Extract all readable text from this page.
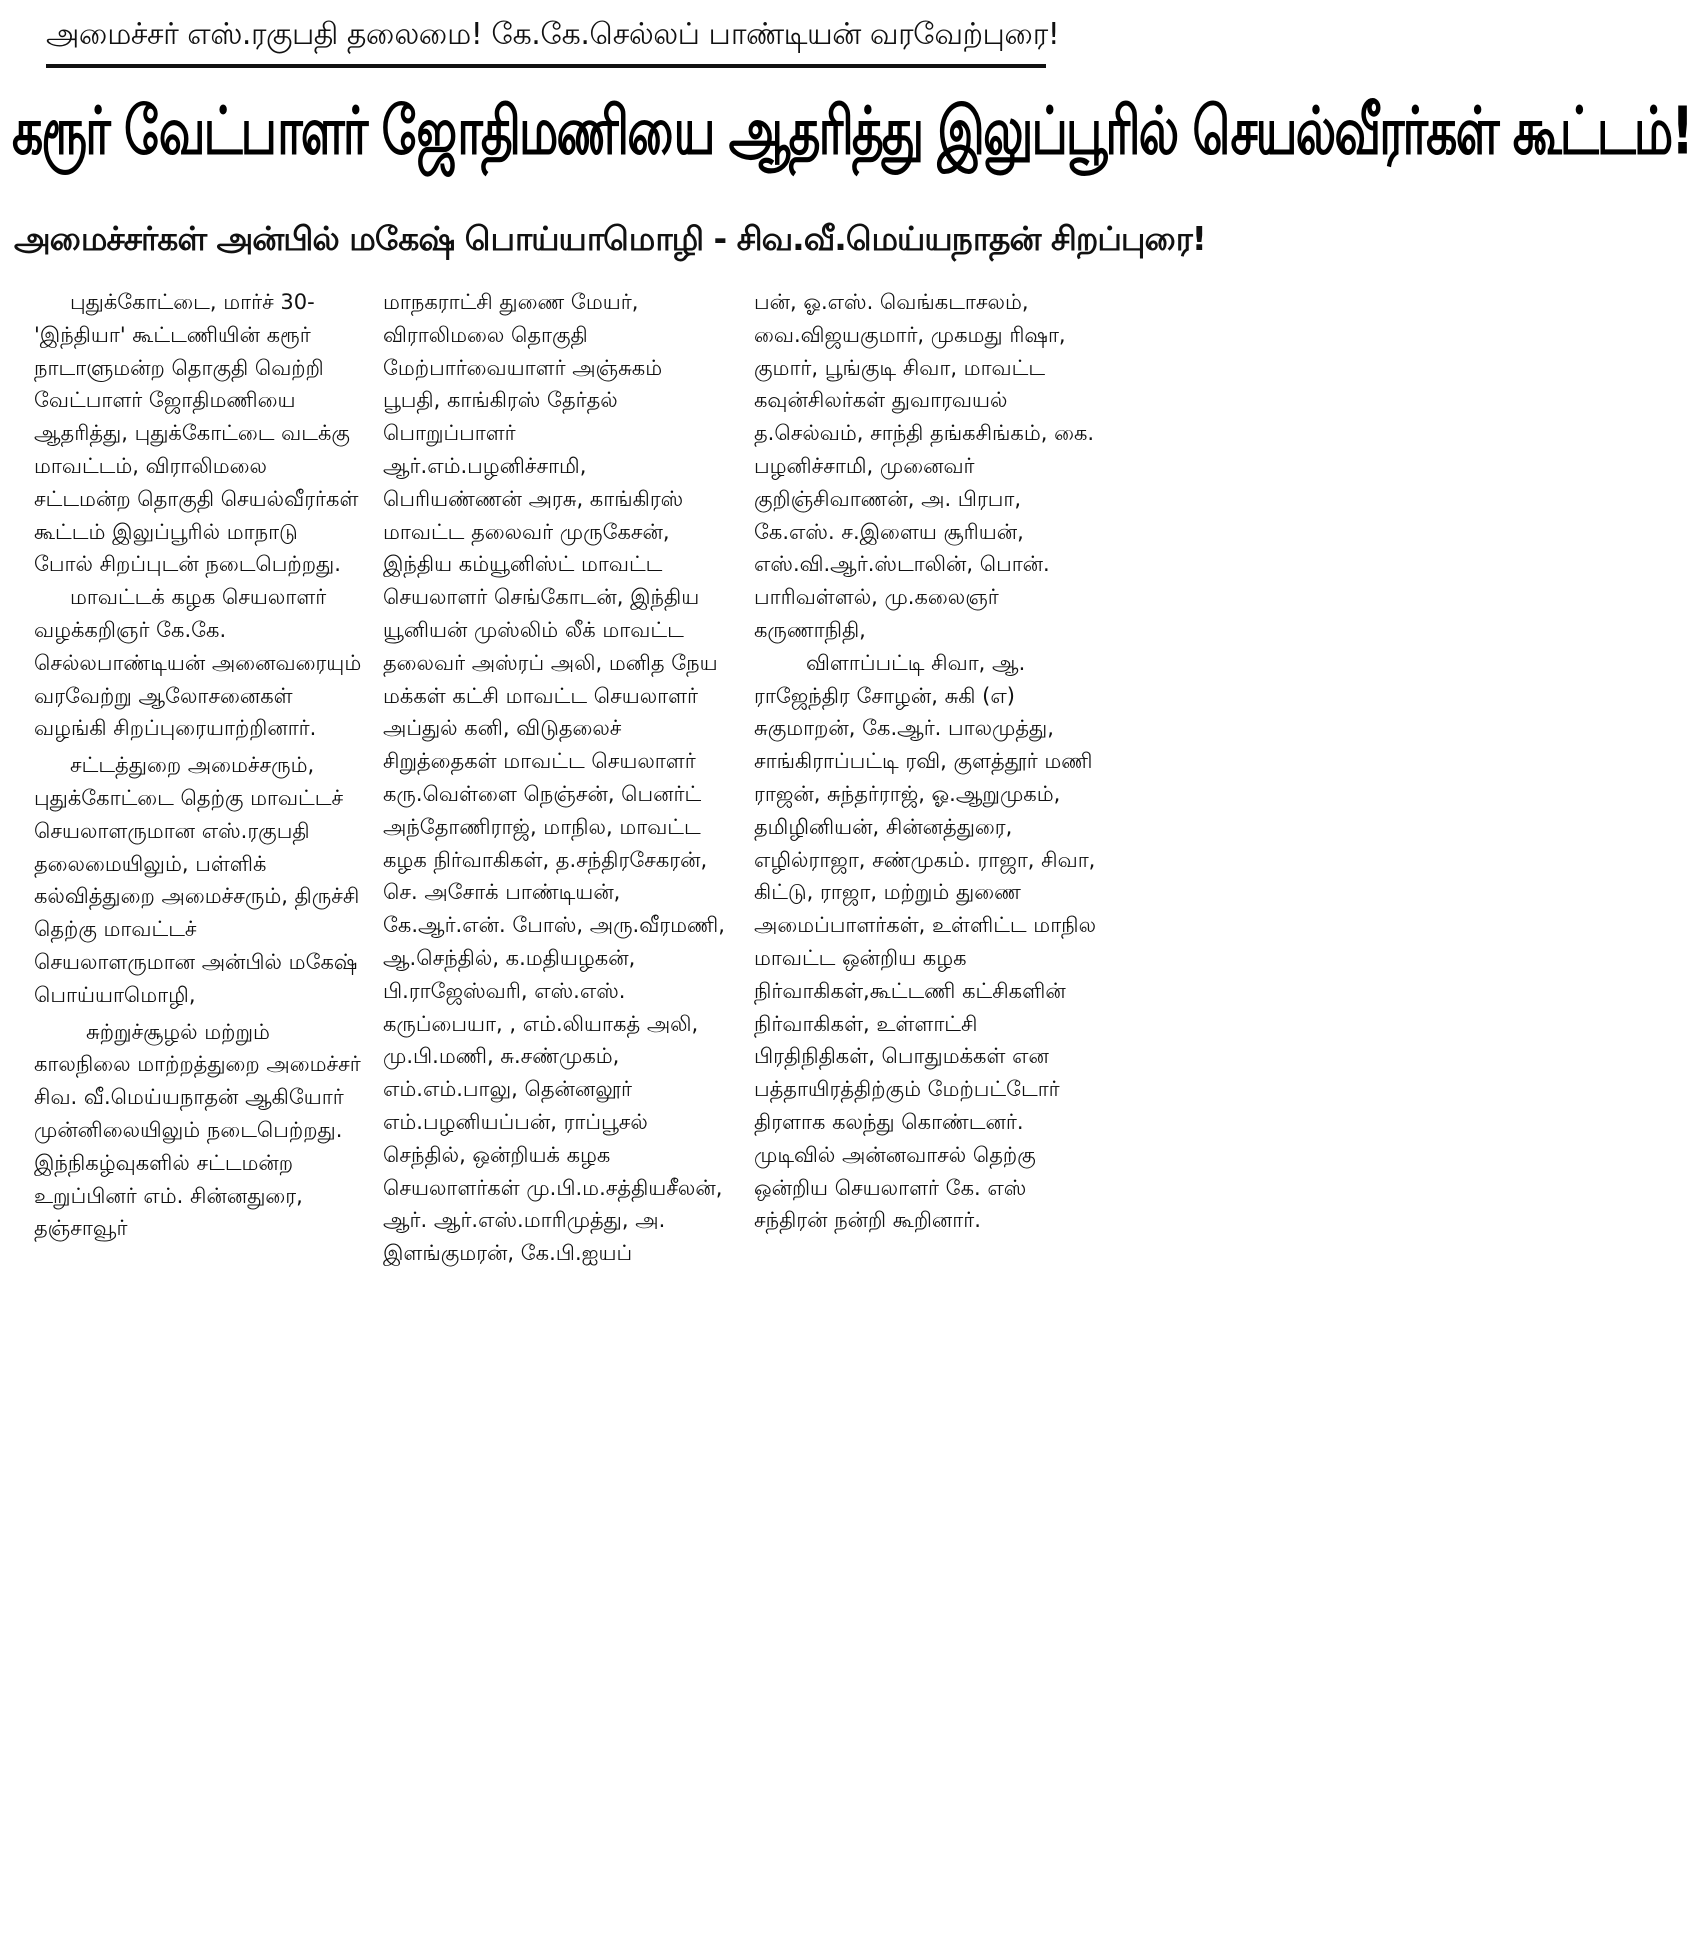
அமைச்சர் எஸ்.ரகுபதி தலைமை! கே.கே.செல்லப் பாண்டியன் வரவேற்புரை!
கரூர் வேட்பாளர் ஜோதிமணியை ஆதரித்து இலுப்பூரில் செயல்வீரர்கள் கூட்டம்!
அமைச்சர்கள் அன்பில் மகேஷ் பொய்யாமொழி - சிவ.வீ.மெய்யநாதன் சிறப்புரை!

புதுக்கோட்டை, மார்ச் 30- 'இந்தியா' கூட்டணியின் கரூர் நாடாளுமன்ற தொகுதி வெற்றி வேட்பாளர் ஜோதிமணியை ஆதரித்து, புதுக்கோட்டை வடக்கு மாவட்டம், விராலிமலை சட்டமன்ற தொகுதி செயல்வீரர்கள் கூட்டம் இலுப்பூரில் மாநாடு போல் சிறப்புடன் நடைபெற்றது.

மாவட்டக் கழக செயலாளர் வழக்கறிஞர் கே.கே. செல்லபாண்டியன் அனைவரையும் வரவேற்று ஆலோசனைகள் வழங்கி சிறப்புரையாற்றினார்.

சட்டத்துறை அமைச்சரும், புதுக்கோட்டை தெற்கு மாவட்டச் செயலாளருமான எஸ்.ரகுபதி தலைமையிலும், பள்ளிக் கல்வித்துறை அமைச்சரும், திருச்சி தெற்கு மாவட்டச் செயலாளருமான அன்பில் மகேஷ் பொய்யாமொழி,

சுற்றுச்சூழல் மற்றும் காலநிலை மாற்றத்துறை அமைச்சர் சிவ. வீ.மெய்யநாதன் ஆகியோர் முன்னிலையிலும் நடைபெற்றது. இந்நிகழ்வுகளில் சட்டமன்ற உறுப்பினர் எம். சின்னதுரை, தஞ்சாவூர்

மாநகராட்சி துணை மேயர், விராலிமலை தொகுதி மேற்பார்வையாளர் அஞ்சுகம் பூபதி, காங்கிரஸ் தேர்தல் பொறுப்பாளர் ஆர்.எம்.பழனிச்சாமி, பெரியண்ணன் அரசு, காங்கிரஸ் மாவட்ட தலைவர் முருகேசன், இந்திய கம்யூனிஸ்ட் மாவட்ட செயலாளர் செங்கோடன், இந்திய யூனியன் முஸ்லிம் லீக் மாவட்ட தலைவர் அஸ்ரப் அலி, மனித நேய மக்கள் கட்சி மாவட்ட செயலாளர் அப்துல் கனி, விடுதலைச் சிறுத்தைகள் மாவட்ட செயலாளர் கரு.வெள்ளை நெஞ்சன், பெனர்ட் அந்தோணிராஜ், மாநில, மாவட்ட கழக நிர்வாகிகள், த.சந்திரசேகரன், செ. அசோக் பாண்டியன், கே.ஆர்.என். போஸ், அரு.வீரமணி, ஆ.செந்தில், க.மதியழகன், பி.ராஜேஸ்வரி, எஸ்.எஸ். கருப்பையா, , எம்.லியாகத் அலி, மு.பி.மணி, சு.சண்முகம், எம்.எம்.பாலு, தென்னலூர் எம்.பழனியப்பன், ராப்பூசல் செந்தில், ஒன்றியக் கழக செயலாளர்கள் மு.பி.ம.சத்தியசீலன், ஆர். ஆர்.எஸ்.மாரிமுத்து, அ. இளங்குமரன், கே.பி.ஐயப்

பன், ஓ.எஸ். வெங்கடாசலம், வை.விஜயகுமார், முகமது ரிஷா, குமார், பூங்குடி சிவா, மாவட்ட கவுன்சிலர்கள் துவாரவயல் த.செல்வம், சாந்தி தங்கசிங்கம், கை. பழனிச்சாமி, முனைவர் குறிஞ்சிவாணன், அ. பிரபா, கே.எஸ். ச.இளைய சூரியன், எஸ்.வி.ஆர்.ஸ்டாலின், பொன். பாரிவள்ளல், மு.கலைஞர் கருணாநிதி,

விளாப்பட்டி சிவா, ஆ. ராஜேந்திர சோழன், சுகி (எ) சுகுமாறன், கே.ஆர். பாலமுத்து, சாங்கிராப்பட்டி ரவி, குளத்தூர் மணி ராஜன், சுந்தர்ராஜ், ஓ.ஆறுமுகம், தமிழினியன், சின்னத்துரை, எழில்ராஜா, சண்முகம். ராஜா, சிவா, கிட்டு, ராஜா, மற்றும் துணை அமைப்பாளர்கள், உள்ளிட்ட மாநில மாவட்ட ஒன்றிய கழக நிர்வாகிகள்,கூட்டணி கட்சிகளின் நிர்வாகிகள், உள்ளாட்சி பிரதிநிதிகள், பொதுமக்கள் என பத்தாயிரத்திற்கும் மேற்பட்டோர் திரளாக கலந்து கொண்டனர். முடிவில் அன்னவாசல் தெற்கு ஒன்றிய செயலாளர் கே. எஸ் சந்திரன் நன்றி கூறினார்.
